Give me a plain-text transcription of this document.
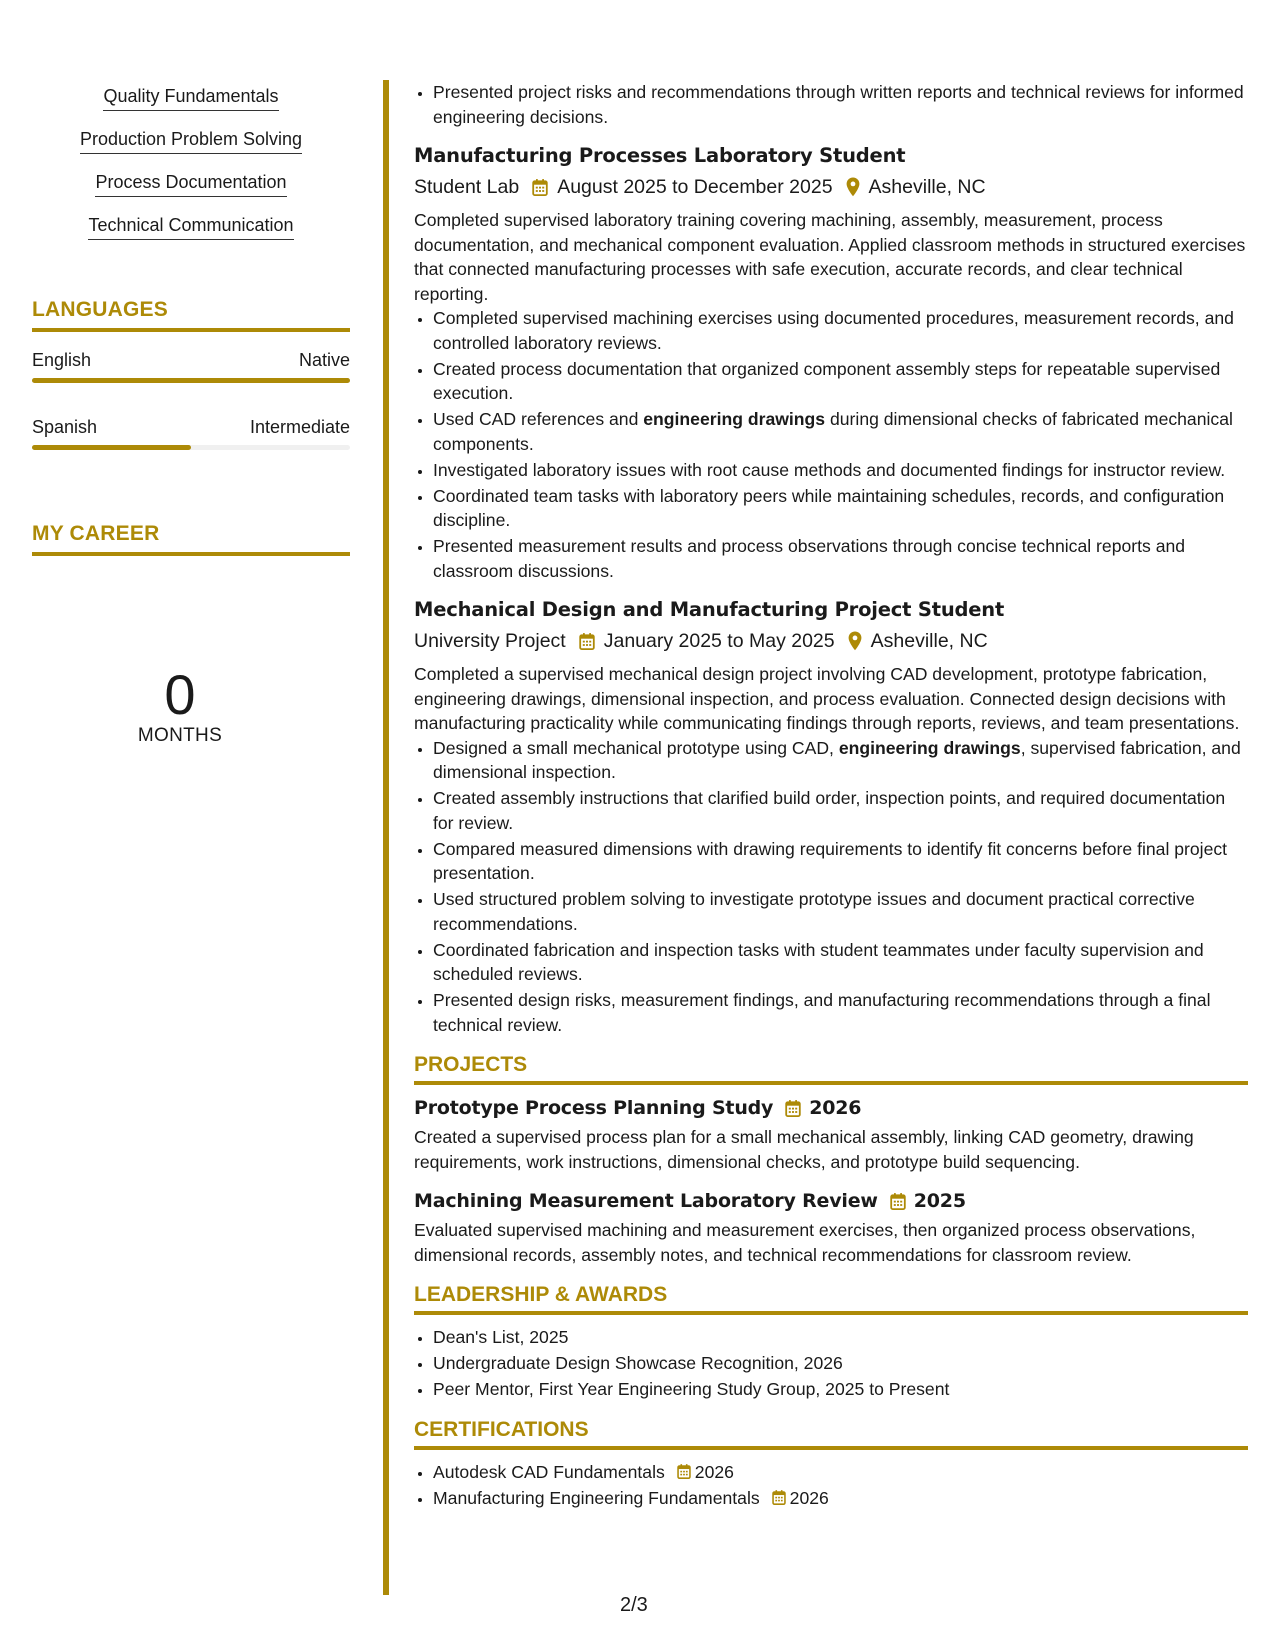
Quality Fundamentals
Production Problem Solving
Process Documentation
Technical Communication
LANGUAGES
English	Native
Spanish	Intermediate
MY CAREER
0
MONTHS
• Presented project risks and recommendations through written reports and technical reviews for informed engineering decisions.
Manufacturing Processes Laboratory Student
Student Lab August 2025 to December 2025 Asheville, NC
Completed supervised laboratory training covering machining, assembly, measurement, process documentation, and mechanical component evaluation. Applied classroom methods in structured exercises that connected manufacturing processes with safe execution, accurate records, and clear technical reporting.
• Completed supervised machining exercises using documented procedures, measurement records, and controlled laboratory reviews.
• Created process documentation that organized component assembly steps for repeatable supervised execution.
• Used CAD references and engineering drawings during dimensional checks of fabricated mechanical components.
• Investigated laboratory issues with root cause methods and documented findings for instructor review.
• Coordinated team tasks with laboratory peers while maintaining schedules, records, and configuration discipline.
• Presented measurement results and process observations through concise technical reports and classroom discussions.
Mechanical Design and Manufacturing Project Student
University Project January 2025 to May 2025 Asheville, NC
Completed a supervised mechanical design project involving CAD development, prototype fabrication, engineering drawings, dimensional inspection, and process evaluation. Connected design decisions with manufacturing practicality while communicating findings through reports, reviews, and team presentations.
• Designed a small mechanical prototype using CAD, engineering drawings, supervised fabrication, and dimensional inspection.
• Created assembly instructions that clarified build order, inspection points, and required documentation for review.
• Compared measured dimensions with drawing requirements to identify fit concerns before final project presentation.
• Used structured problem solving to investigate prototype issues and document practical corrective recommendations.
• Coordinated fabrication and inspection tasks with student teammates under faculty supervision and scheduled reviews.
• Presented design risks, measurement findings, and manufacturing recommendations through a final technical review.
PROJECTS
Prototype Process Planning Study 2026
Created a supervised process plan for a small mechanical assembly, linking CAD geometry, drawing requirements, work instructions, dimensional checks, and prototype build sequencing.
Machining Measurement Laboratory Review 2025
Evaluated supervised machining and measurement exercises, then organized process observations, dimensional records, assembly notes, and technical recommendations for classroom review.
LEADERSHIP & AWARDS
• Dean's List, 2025
• Undergraduate Design Showcase Recognition, 2026
• Peer Mentor, First Year Engineering Study Group, 2025 to Present
CERTIFICATIONS
• Autodesk CAD Fundamentals 2026
• Manufacturing Engineering Fundamentals 2026
2/3
